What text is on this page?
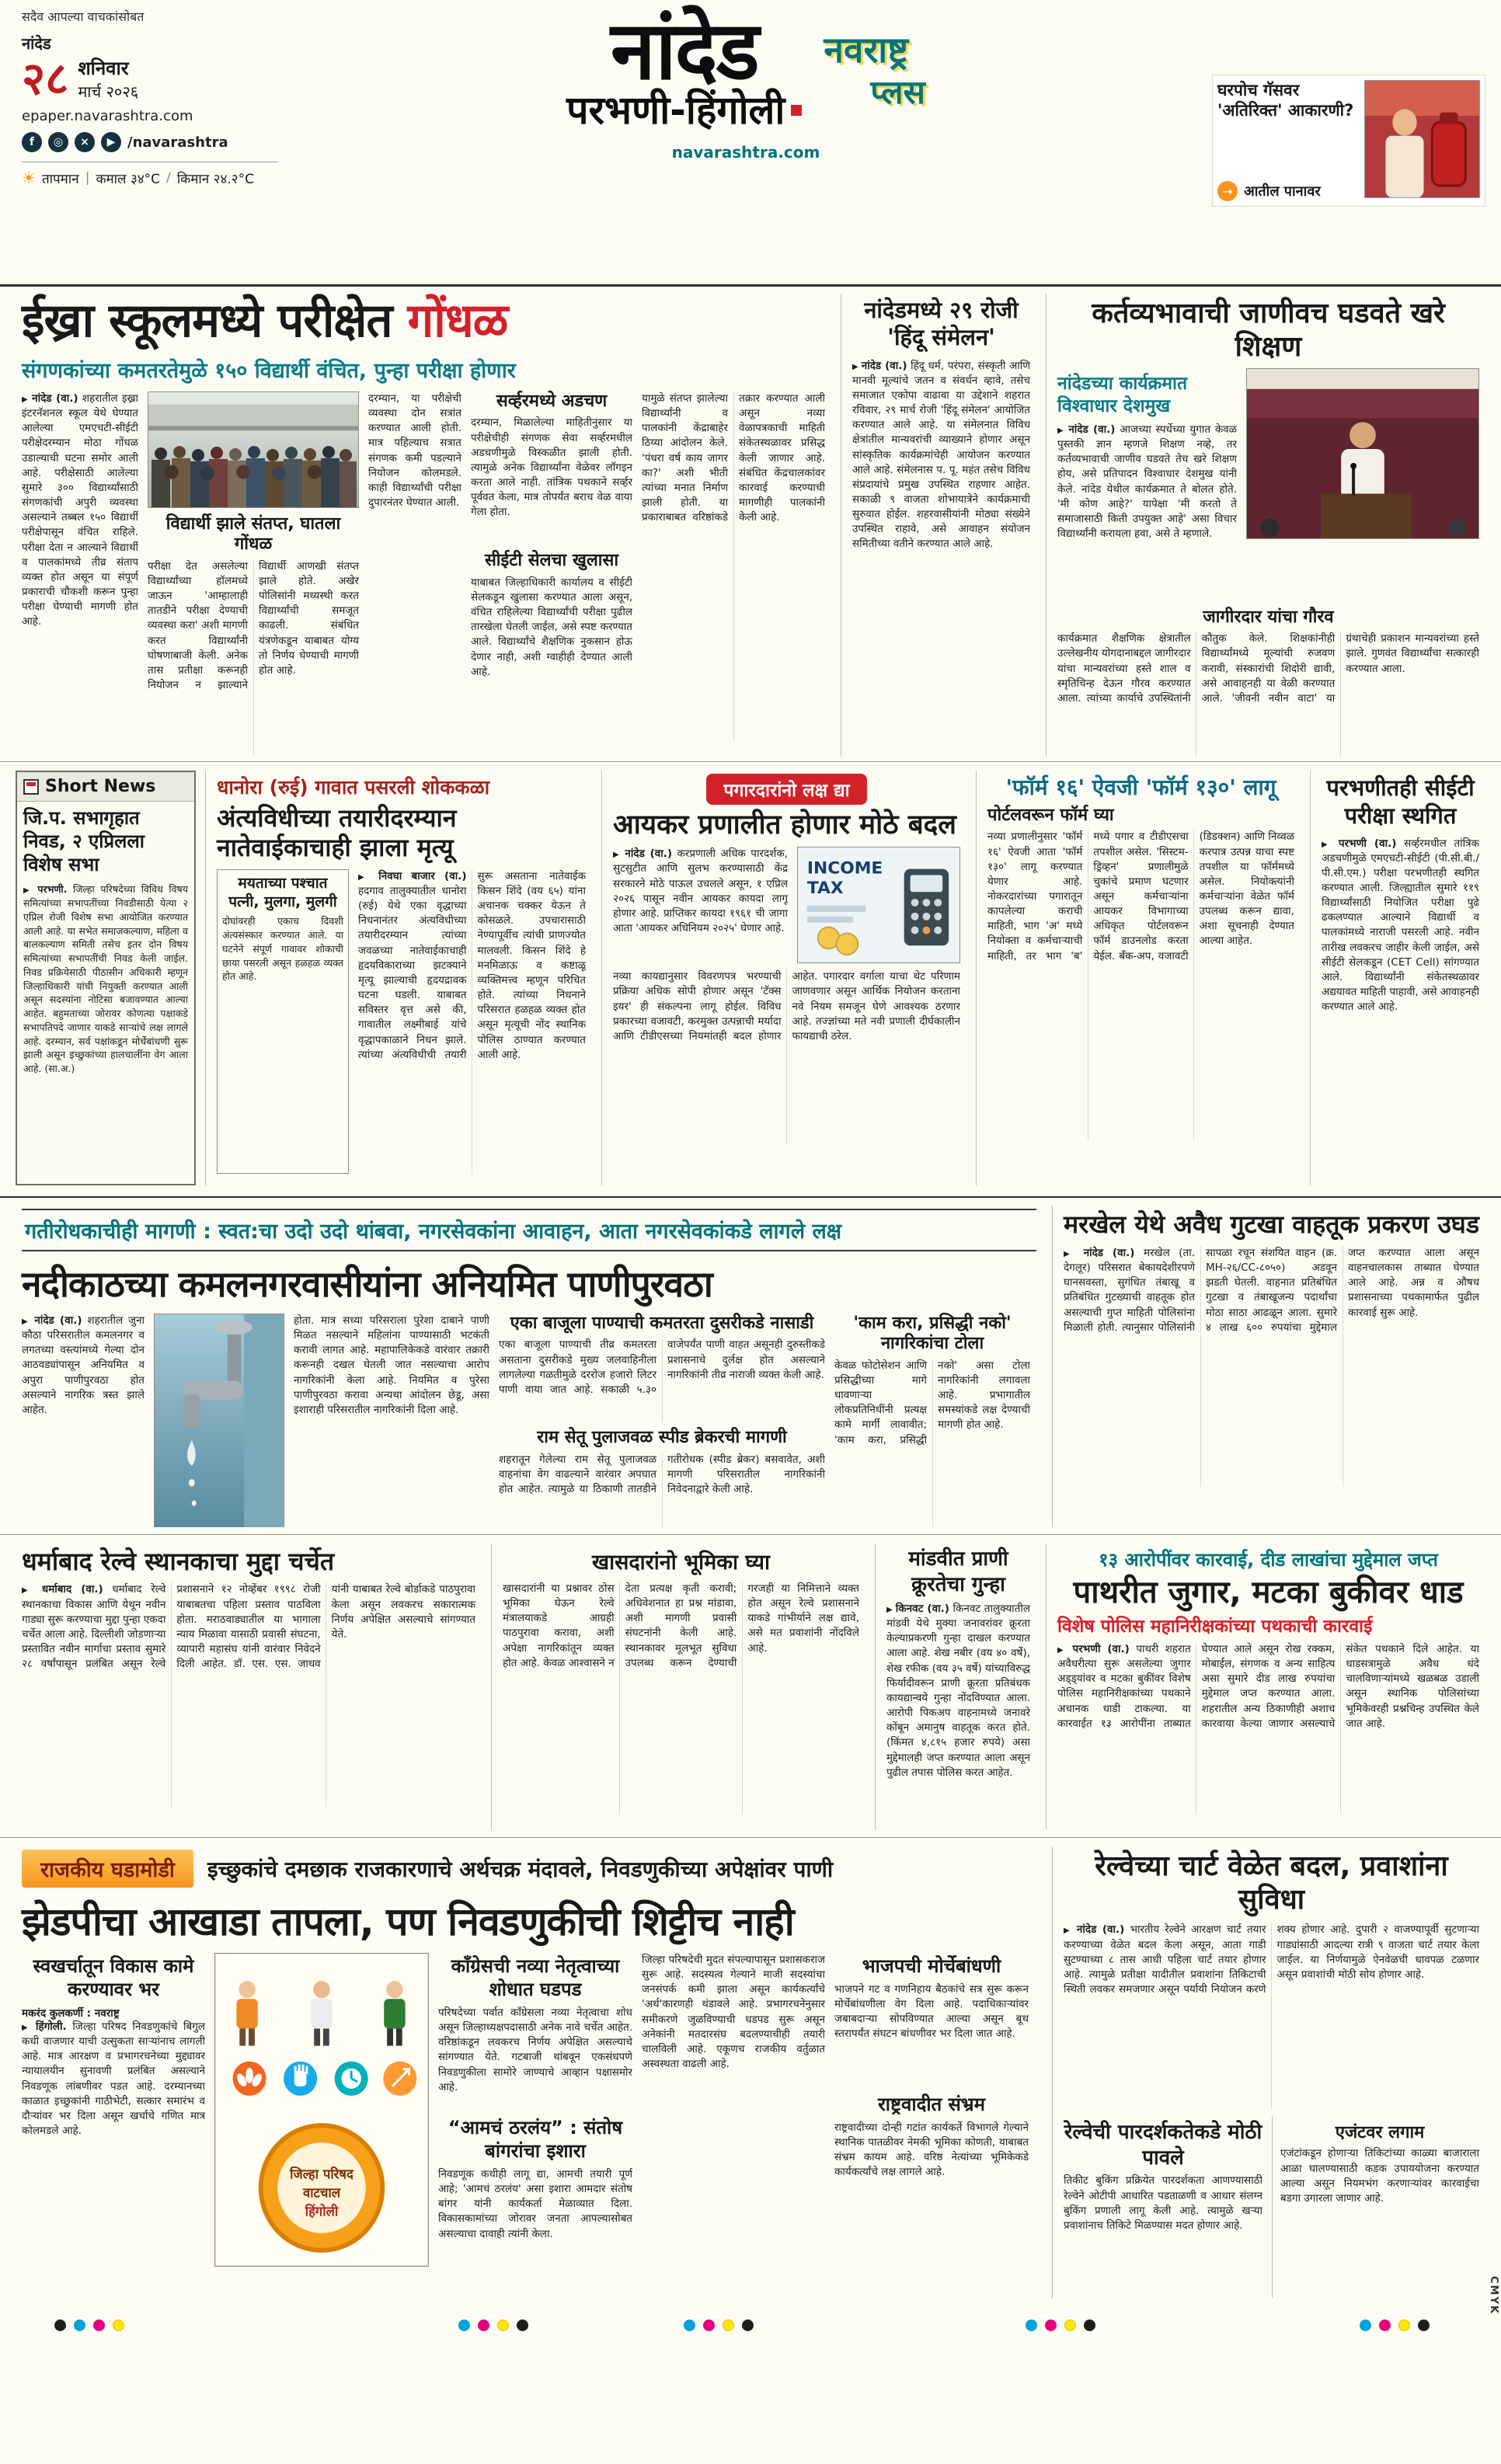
सदैव आपल्या वाचकांसोबत
नांदेड
२८ शनिवार
मार्च २०२६
epaper.navarashtra.com
f	◎	×	▶ /navarashtra
☀ तापमान | कमाल ३४°C / किमान २४.२°C
नांदेड
परभणी-हिंगोली
नवराष्ट्र
प्लस
navarashtra.com
घरपोच गॅसवर 'अतिरिक्त' आकारणी?
→ आतील पानावर
ईख्रा स्कूलमध्ये परीक्षेत गोंधळ
संगणकांच्या कमतरतेमुळे १५० विद्यार्थी वंचित, पुन्हा परीक्षा होणार
▶ नांदेड (वा.) शहरातील इख्रा इंटरनॅशनल स्कूल येथे घेण्यात आलेल्या एमएचटी-सीईटी परीक्षेदरम्यान मोठा गोंधळ उडाल्याची घटना समोर आली आहे. परीक्षेसाठी आलेल्या सुमारे ३०० विद्यार्थ्यांसाठी संगणकांची अपुरी व्यवस्था असल्याने तब्बल १५० विद्यार्थी परीक्षेपासून वंचित राहिले. परीक्षा देता न आल्याने विद्यार्थी व पालकांमध्ये तीव्र संताप व्यक्त होत असून या संपूर्ण प्रकाराची चौकशी करून पुन्हा परीक्षा घेण्याची मागणी होत आहे.
विद्यार्थी झाले संतप्त, घातला गोंधळ
परीक्षा देत असलेल्या विद्यार्थ्यांच्या हॉलमध्ये जाऊन 'आम्हालाही तातडीने परीक्षा देण्याची व्यवस्था करा' अशी मागणी करत विद्यार्थ्यांनी घोषणाबाजी केली. अनेक तास प्रतीक्षा करूनही नियोजन न झाल्याने विद्यार्थी आणखी संतप्त झाले होते. अखेर पोलिसांनी मध्यस्थी करत विद्यार्थ्यांची समजूत काढली. संबंधित यंत्रणेकडून याबाबत योग्य तो निर्णय घेण्याची मागणी होत आहे.
दरम्यान, या परीक्षेची व्यवस्था दोन सत्रांत करण्यात आली होती. मात्र पहिल्याच सत्रात संगणक कमी पडल्याने नियोजन कोलमडले. काही विद्यार्थ्यांची परीक्षा दुपारनंतर घेण्यात आली.
सर्व्हरमध्ये अडचण
दरम्यान, मिळालेल्या माहितीनुसार या परीक्षेचीही संगणक सेवा सर्व्हरमधील अडचणीमुळे विस्कळीत झाली होती. त्यामुळे अनेक विद्यार्थ्यांना वेळेवर लॉगइन करता आले नाही. तांत्रिक पथकाने सर्व्हर पूर्ववत केला, मात्र तोपर्यंत बराच वेळ वाया गेला होता.
सीईटी सेलचा खुलासा
याबाबत जिल्हाधिकारी कार्यालय व सीईटी सेलकडून खुलासा करण्यात आला असून, वंचित राहिलेल्या विद्यार्थ्यांची परीक्षा पुढील तारखेला घेतली जाईल, असे स्पष्ट करण्यात आले. विद्यार्थ्यांचे शैक्षणिक नुकसान होऊ देणार नाही, अशी ग्वाहीही देण्यात आली आहे.
यामुळे संतप्त झालेल्या विद्यार्थ्यांनी व पालकांनी केंद्राबाहेर ठिय्या आंदोलन केले. 'पंधरा वर्ष काय जागर का?' अशी भीती त्यांच्या मनात निर्माण झाली होती. या प्रकाराबाबत वरिष्ठांकडे तक्रार करण्यात आली असून नव्या वेळापत्रकाची माहिती संकेतस्थळावर प्रसिद्ध केली जाणार आहे. संबंधित केंद्रचालकांवर कारवाई करण्याची मागणीही पालकांनी केली आहे.
नांदेडमध्ये २९ रोजी 'हिंदू संमेलन'
▶ नांदेड (वा.) हिंदू धर्म, परंपरा, संस्कृती आणि मानवी मूल्यांचे जतन व संवर्धन व्हावे, तसेच समाजात एकोपा वाढावा या उद्देशाने शहरात रविवार, २९ मार्च रोजी 'हिंदू संमेलन' आयोजित करण्यात आले आहे. या संमेलनात विविध क्षेत्रांतील मान्यवरांची व्याख्याने होणार असून सांस्कृतिक कार्यक्रमांचेही आयोजन करण्यात आले आहे. संमेलनास प. पू. महंत तसेच विविध संप्रदायांचे प्रमुख उपस्थित राहणार आहेत. सकाळी ९ वाजता शोभायात्रेने कार्यक्रमाची सुरुवात होईल. शहरवासीयांनी मोठ्या संख्येने उपस्थित राहावे, असे आवाहन संयोजन समितीच्या वतीने करण्यात आले आहे.
कर्तव्यभावाची जाणीवच घडवते खरे शिक्षण
नांदेडच्या कार्यक्रमात विश्वाधार देशमुख
▶ नांदेड (वा.) आजच्या स्पर्धेच्या युगात केवळ पुस्तकी ज्ञान म्हणजे शिक्षण नव्हे, तर कर्तव्यभावाची जाणीव घडवते तेच खरे शिक्षण होय, असे प्रतिपादन विश्वाधार देशमुख यांनी केले. नांदेड येथील कार्यक्रमात ते बोलत होते. 'मी कोण आहे?' यापेक्षा 'मी करतो ते समाजासाठी किती उपयुक्त आहे' असा विचार विद्यार्थ्यांनी करायला हवा, असे ते म्हणाले.
जागीरदार यांचा गौरव
कार्यक्रमात शैक्षणिक क्षेत्रातील उल्लेखनीय योगदानाबद्दल जागीरदार यांचा मान्यवरांच्या हस्ते शाल व स्मृतिचिन्ह देऊन गौरव करण्यात आला. त्यांच्या कार्याचे उपस्थितांनी कौतुक केले. शिक्षकांनीही विद्यार्थ्यांमध्ये मूल्यांची रुजवण करावी, संस्कारांची शिदोरी द्यावी, असे आवाहनही या वेळी करण्यात आले. 'जीवनी नवीन वाटा' या ग्रंथाचेही प्रकाशन मान्यवरांच्या हस्ते झाले. गुणवंत विद्यार्थ्यांचा सत्कारही करण्यात आला.
Short News
जि.प. सभागृहात निवड, २ एप्रिलला विशेष सभा
▶ परभणी. जिल्हा परिषदेच्या विविध विषय समित्यांच्या सभापतींच्या निवडीसाठी येत्या २ एप्रिल रोजी विशेष सभा आयोजित करण्यात आली आहे. या सभेत समाजकल्याण, महिला व बालकल्याण समिती तसेच इतर दोन विषय समित्यांच्या सभापतींची निवड केली जाईल. निवड प्रक्रियेसाठी पीठासीन अधिकारी म्हणून जिल्हाधिकारी यांची नियुक्ती करण्यात आली असून सदस्यांना नोटिसा बजावण्यात आल्या आहेत. बहुमताच्या जोरावर कोणत्या पक्षाकडे सभापतिपदे जाणार याकडे साऱ्यांचे लक्ष लागले आहे. दरम्यान, सर्व पक्षांकडून मोर्चेबांधणी सुरू झाली असून इच्छुकांच्या हालचालींना वेग आला आहे. (सा.अ.)
धानोरा (रुई) गावात पसरली शोककळा
अंत्यविधीच्या तयारीदरम्यान नातेवाईकाचाही झाला मृत्यू
मयताच्या पश्चात पत्नी, मुलगा, मुलगी
दोघांवरही एकाच दिवशी अंत्यसंस्कार करण्यात आले. या घटनेने संपूर्ण गावावर शोकाची छाया पसरली असून हळहळ व्यक्त होत आहे.
▶ निवघा बाजार (वा.) हदगाव तालुक्यातील धानोरा (रुई) येथे एका वृद्धाच्या निधनानंतर अंत्यविधीच्या तयारीदरम्यान त्यांच्या जवळच्या नातेवाईकाचाही हृदयविकाराच्या झटक्याने मृत्यू झाल्याची हृदयद्रावक घटना घडली. याबाबत सविस्तर वृत्त असे की, गावातील लक्ष्मीबाई यांचे वृद्धापकाळाने निधन झाले. त्यांच्या अंत्यविधीची तयारी सुरू असताना नातेवाईक किसन शिंदे (वय ६५) यांना अचानक चक्कर येऊन ते कोसळले. उपचारासाठी नेण्यापूर्वीच त्यांची प्राणज्योत मालवली. किसन शिंदे हे मनमिळाऊ व कष्टाळू व्यक्तिमत्त्व म्हणून परिचित होते. त्यांच्या निधनाने परिसरात हळहळ व्यक्त होत असून मृत्यूची नोंद स्थानिक पोलिस ठाण्यात करण्यात आली आहे.
पगारदारांनो लक्ष द्या
आयकर प्रणालीत होणार मोठे बदल
▶ नांदेड (वा.) करप्रणाली अधिक पारदर्शक, सुटसुटीत आणि सुलभ करण्यासाठी केंद्र सरकारने मोठे पाऊल उचलले असून, १ एप्रिल २०२६ पासून नवीन आयकर कायदा लागू होणार आहे. प्राप्तिकर कायदा १९६१ ची जागा आता 'आयकर अधिनियम २०२५' घेणार आहे.
INCOME
TAX
नव्या कायद्यानुसार विवरणपत्र भरण्याची प्रक्रिया अधिक सोपी होणार असून 'टॅक्स इयर' ही संकल्पना लागू होईल. विविध प्रकारच्या वजावटी, करमुक्त उत्पन्नाची मर्यादा आणि टीडीएसच्या नियमांतही बदल होणार आहेत. पगारदार वर्गाला याचा थेट परिणाम जाणवणार असून आर्थिक नियोजन करताना नवे नियम समजून घेणे आवश्यक ठरणार आहे. तज्ज्ञांच्या मते नवी प्रणाली दीर्घकालीन फायद्याची ठरेल.
'फॉर्म १६' ऐवजी 'फॉर्म १३०' लागू
पोर्टलवरून फॉर्म घ्या
नव्या प्रणालीनुसार 'फॉर्म १६' ऐवजी आता 'फॉर्म १३०' लागू करण्यात येणार आहे. नोकरदारांच्या पगारातून कापलेल्या कराची माहिती, भाग 'अ' मध्ये नियोक्ता व कर्मचाऱ्याची माहिती, तर भाग 'ब' मध्ये पगार व टीडीएसचा तपशील असेल. 'सिस्टम-ड्रिव्हन' प्रणालीमुळे चुकांचे प्रमाण घटणार असून कर्मचाऱ्यांना आयकर विभागाच्या अधिकृत पोर्टलवरून फॉर्म डाउनलोड करता येईल. बँक-अप, वजावटी (डिडक्शन) आणि निव्वळ करपात्र उत्पन्न याचा स्पष्ट तपशील या फॉर्ममध्ये असेल. नियोक्त्यांनी कर्मचाऱ्यांना वेळेत फॉर्म उपलब्ध करून द्यावा, अशा सूचनाही देण्यात आल्या आहेत.
परभणीतही सीईटी परीक्षा स्थगित
▶ परभणी (वा.) सर्व्हरमधील तांत्रिक अडचणीमुळे एमएचटी-सीईटी (पी.सी.बी./पी.सी.एम.) परीक्षा परभणीतही स्थगित करण्यात आली. जिल्ह्यातील सुमारे ११९ विद्यार्थ्यांसाठी नियोजित परीक्षा पुढे ढकलण्यात आल्याने विद्यार्थी व पालकांमध्ये नाराजी पसरली आहे. नवीन तारीख लवकरच जाहीर केली जाईल, असे सीईटी सेलकडून (CET Cell) सांगण्यात आले. विद्यार्थ्यांनी संकेतस्थळावर अद्ययावत माहिती पाहावी, असे आवाहनही करण्यात आले आहे.
गतीरोधकाचीही मागणी : स्वत:चा उदो उदो थांबवा, नगरसेवकांना आवाहन, आता नगरसेवकांकडे लागले लक्ष
नदीकाठच्या कमलनगरवासीयांना अनियमित पाणीपुरवठा
▶ नांदेड (वा.) शहरातील जुना कौठा परिसरातील कमलनगर व लगतच्या वस्त्यांमध्ये गेल्या दोन आठवड्यांपासून अनियमित व अपुरा पाणीपुरवठा होत असल्याने नागरिक त्रस्त झाले आहेत.
होता. मात्र सध्या परिसराला पुरेशा दाबाने पाणी मिळत नसल्याने महिलांना पाण्यासाठी भटकंती करावी लागत आहे. महापालिकेकडे वारंवार तक्रारी करूनही दखल घेतली जात नसल्याचा आरोप नागरिकांनी केला आहे. नियमित व पुरेसा पाणीपुरवठा करावा अन्यथा आंदोलन छेडू, असा इशाराही परिसरातील नागरिकांनी दिला आहे.
एका बाजूला पाण्याची कमतरता दुसरीकडे नासाडी
एका बाजूला पाण्याची तीव्र कमतरता असताना दुसरीकडे मुख्य जलवाहिनीला लागलेल्या गळतीमुळे दररोज हजारो लिटर पाणी वाया जात आहे. सकाळी ५.३० वाजेपर्यंत पाणी वाहत असूनही दुरुस्तीकडे प्रशासनाचे दुर्लक्ष होत असल्याने नागरिकांनी तीव्र नाराजी व्यक्त केली आहे.
राम सेतू पुलाजवळ स्पीड ब्रेकरची मागणी
शहरातून गेलेल्या राम सेतू पुलाजवळ वाहनांचा वेग वाढल्याने वारंवार अपघात होत आहेत. त्यामुळे या ठिकाणी तातडीने गतीरोधक (स्पीड ब्रेकर) बसवावेत, अशी मागणी परिसरातील नागरिकांनी निवेदनाद्वारे केली आहे.
'काम करा, प्रसिद्धी नको' नागरिकांचा टोला
केवळ फोटोसेशन आणि प्रसिद्धीच्या मागे धावणाऱ्या लोकप्रतिनिधींनी प्रत्यक्ष कामे मार्गी लावावीत; 'काम करा, प्रसिद्धी नको' असा टोला नागरिकांनी लगावला आहे. प्रभागातील समस्यांकडे लक्ष देण्याची मागणी होत आहे.
मरखेल येथे अवैध गुटखा वाहतूक प्रकरण उघड
▶ नांदेड (वा.) मरखेल (ता. देगलूर) परिसरात बेकायदेशीरपणे घानसवस्ता, सुगंधित तंबाखू व प्रतिबंधित गुटख्याची वाहतूक होत असल्याची गुप्त माहिती पोलिसांना मिळाली होती. त्यानुसार पोलिसांनी सापळा रचून संशयित वाहन (क्र. MH-२६/CC-८०५०) अडवून झडती घेतली. वाहनात प्रतिबंधित गुटखा व तंबाखूजन्य पदार्थांचा मोठा साठा आढळून आला. सुमारे ४ लाख ६०० रुपयांचा मुद्देमाल जप्त करण्यात आला असून वाहनचालकास ताब्यात घेण्यात आले आहे. अन्न व औषध प्रशासनाच्या पथकामार्फत पुढील कारवाई सुरू आहे.
धर्माबाद रेल्वे स्थानकाचा मुद्दा चर्चेत
▶ धर्माबाद (वा.) धर्माबाद रेल्वे स्थानकाचा विकास आणि येथून नवीन गाड्या सुरू करण्याचा मुद्दा पुन्हा एकदा चर्चेत आला आहे. दिल्लीशी जोडणाऱ्या प्रस्तावित नवीन मार्गाचा प्रस्ताव सुमारे २८ वर्षांपासून प्रलंबित असून रेल्वे प्रशासनाने १२ नोव्हेंबर १९९८ रोजी याबाबतचा पहिला प्रस्ताव पाठविला होता. मराठवाड्यातील या भागाला न्याय मिळावा यासाठी प्रवासी संघटना, व्यापारी महासंघ यांनी वारंवार निवेदने दिली आहेत. डॉ. एस. एस. जाधव यांनी याबाबत रेल्वे बोर्डाकडे पाठपुरावा केला असून लवकरच सकारात्मक निर्णय अपेक्षित असल्याचे सांगण्यात येते.
खासदारांनो भूमिका घ्या
खासदारांनी या प्रश्नावर ठोस भूमिका घेऊन रेल्वे मंत्रालयाकडे आग्रही पाठपुरावा करावा, अशी अपेक्षा नागरिकांतून व्यक्त होत आहे. केवळ आश्वासने न देता प्रत्यक्ष कृती करावी; अधिवेशनात हा प्रश्न मांडावा, अशी मागणी प्रवासी संघटनांनी केली आहे. स्थानकावर मूलभूत सुविधा उपलब्ध करून देण्याची गरजही या निमित्ताने व्यक्त होत असून रेल्वे प्रशासनाने याकडे गांभीर्याने लक्ष द्यावे, असे मत प्रवाशांनी नोंदविले आहे.
मांडवीत प्राणी क्रूरतेचा गुन्हा
▶ किनवट (वा.) किनवट तालुक्यातील मांडवी येथे मुक्या जनावरांवर क्रूरता केल्याप्रकरणी गुन्हा दाखल करण्यात आला आहे. शेख नबीर (वय ४० वर्षे), शेख रफीक (वय ३५ वर्षे) यांच्याविरुद्ध फिर्यादीवरून प्राणी क्रूरता प्रतिबंधक कायद्यान्वये गुन्हा नोंदविण्यात आला. आरोपी पिकअप वाहनामध्ये जनावरे कोंबून अमानुष वाहतूक करत होते. (किंमत ४,८१५ हजार रुपये) असा मुद्देमालही जप्त करण्यात आला असून पुढील तपास पोलिस करत आहेत.
१३ आरोपींवर कारवाई, दीड लाखांचा मुद्देमाल जप्त
पाथरीत जुगार, मटका बुकीवर धाड
विशेष पोलिस महानिरीक्षकांच्या पथकाची कारवाई
▶ परभणी (वा.) पाथरी शहरात अवैधरीत्या सुरू असलेल्या जुगार अड्ड्यांवर व मटका बुकींवर विशेष पोलिस महानिरीक्षकांच्या पथकाने अचानक धाडी टाकल्या. या कारवाईत १३ आरोपींना ताब्यात घेण्यात आले असून रोख रक्कम, मोबाईल, संगणक व अन्य साहित्य असा सुमारे दीड लाख रुपयांचा मुद्देमाल जप्त करण्यात आला. शहरातील अन्य ठिकाणीही अशाच कारवाया केल्या जाणार असल्याचे संकेत पथकाने दिले आहेत. या धाडसत्रामुळे अवैध धंदे चालविणाऱ्यांमध्ये खळबळ उडाली असून स्थानिक पोलिसांच्या भूमिकेवरही प्रश्नचिन्ह उपस्थित केले जात आहे.
राजकीय घडामोडी	इच्छुकांचे दमछाक राजकारणाचे अर्थचक्र मंदावले, निवडणुकीच्या अपेक्षांवर पाणी
झेडपीचा आखाडा तापला, पण निवडणुकीची शिट्टीच नाही
स्वखर्चातून विकास कामे करण्यावर भर
मकरंद कुलकर्णी : नवराष्ट्र
▶ हिंगोली. जिल्हा परिषद निवडणुकांचे बिगुल कधी वाजणार याची उत्सुकता साऱ्यांनाच लागली आहे. मात्र आरक्षण व प्रभागरचनेच्या मुद्द्यावर न्यायालयीन सुनावणी प्रलंबित असल्याने निवडणूक लांबणीवर पडत आहे. दरम्यानच्या काळात इच्छुकांनी गाठीभेटी, सत्कार समारंभ व दौऱ्यांवर भर दिला असून खर्चाचे गणित मात्र कोलमडले आहे.
जिल्हा परिषद
वाटचाल
हिंगोली
काँग्रेसची नव्या नेतृत्वाच्या शोधात घडपड
परिषदेच्या पर्वात काँग्रेसला नव्या नेतृत्वाचा शोध असून जिल्हाध्यक्षपदासाठी अनेक नावे चर्चेत आहेत. वरिष्ठांकडून लवकरच निर्णय अपेक्षित असल्याचे सांगण्यात येते. गटबाजी थांबवून एकसंधपणे निवडणुकीला सामोरे जाण्याचे आव्हान पक्षासमोर आहे.
“आमचं ठरलंय” : संतोष बांगरांचा इशारा
निवडणूक कधीही लागू द्या, आमची तयारी पूर्ण आहे; 'आमचं ठरलंय' असा इशारा आमदार संतोष बांगर यांनी कार्यकर्ता मेळाव्यात दिला. विकासकामांच्या जोरावर जनता आपल्यासोबत असल्याचा दावाही त्यांनी केला.
जिल्हा परिषदेची मुदत संपल्यापासून प्रशासकराज सुरू आहे. सदस्यत्व गेल्याने माजी सदस्यांचा जनसंपर्क कमी झाला असून कार्यकर्त्यांचे 'अर्थ'कारणही थंडावले आहे. प्रभागरचनेनुसार समीकरणे जुळविण्याची धडपड सुरू असून अनेकांनी मतदारसंघ बदलण्याचीही तयारी चालविली आहे. एकूणच राजकीय वर्तुळात अस्वस्थता वाढली आहे.
भाजपची मोर्चेबांधणी
भाजपने गट व गणनिहाय बैठकांचे सत्र सुरू करून मोर्चेबांधणीला वेग दिला आहे. पदाधिकाऱ्यांवर जबाबदाऱ्या सोपविण्यात आल्या असून बूथ स्तरापर्यंत संघटन बांधणीवर भर दिला जात आहे.
राष्ट्रवादीत संभ्रम
राष्ट्रवादीच्या दोन्ही गटांत कार्यकर्ते विभागले गेल्याने स्थानिक पातळीवर नेमकी भूमिका कोणती, याबाबत संभ्रम कायम आहे. वरिष्ठ नेत्यांच्या भूमिकेकडे कार्यकर्त्यांचे लक्ष लागले आहे.
रेल्वेच्या चार्ट वेळेत बदल, प्रवाशांना सुविधा
▶ नांदेड (वा.) भारतीय रेल्वेने आरक्षण चार्ट तयार करण्याच्या वेळेत बदल केला असून, आता गाडी सुटण्याच्या ८ तास आधी पहिला चार्ट तयार होणार आहे. त्यामुळे प्रतीक्षा यादीतील प्रवाशांना तिकिटाची स्थिती लवकर समजणार असून पर्यायी नियोजन करणे शक्य होणार आहे. दुपारी २ वाजण्यापूर्वी सुटणाऱ्या गाड्यांसाठी आदल्या रात्री ९ वाजता चार्ट तयार केला जाईल. या निर्णयामुळे ऐनवेळची धावपळ टळणार असून प्रवाशांची मोठी सोय होणार आहे.
रेल्वेची पारदर्शकतेकडे मोठी पावले
तिकीट बुकिंग प्रक्रियेत पारदर्शकता आणण्यासाठी रेल्वेने ओटीपी आधारित पडताळणी व आधार संलग्न बुकिंग प्रणाली लागू केली आहे. त्यामुळे खऱ्या प्रवाशांनाच तिकिटे मिळण्यास मदत होणार आहे.
एजंटवर लगाम
एजंटांकडून होणाऱ्या तिकिटांच्या काळ्या बाजाराला आळा घालण्यासाठी कडक उपाययोजना करण्यात आल्या असून नियमभंग करणाऱ्यांवर कारवाईचा बडगा उगारला जाणार आहे.
CMYK
